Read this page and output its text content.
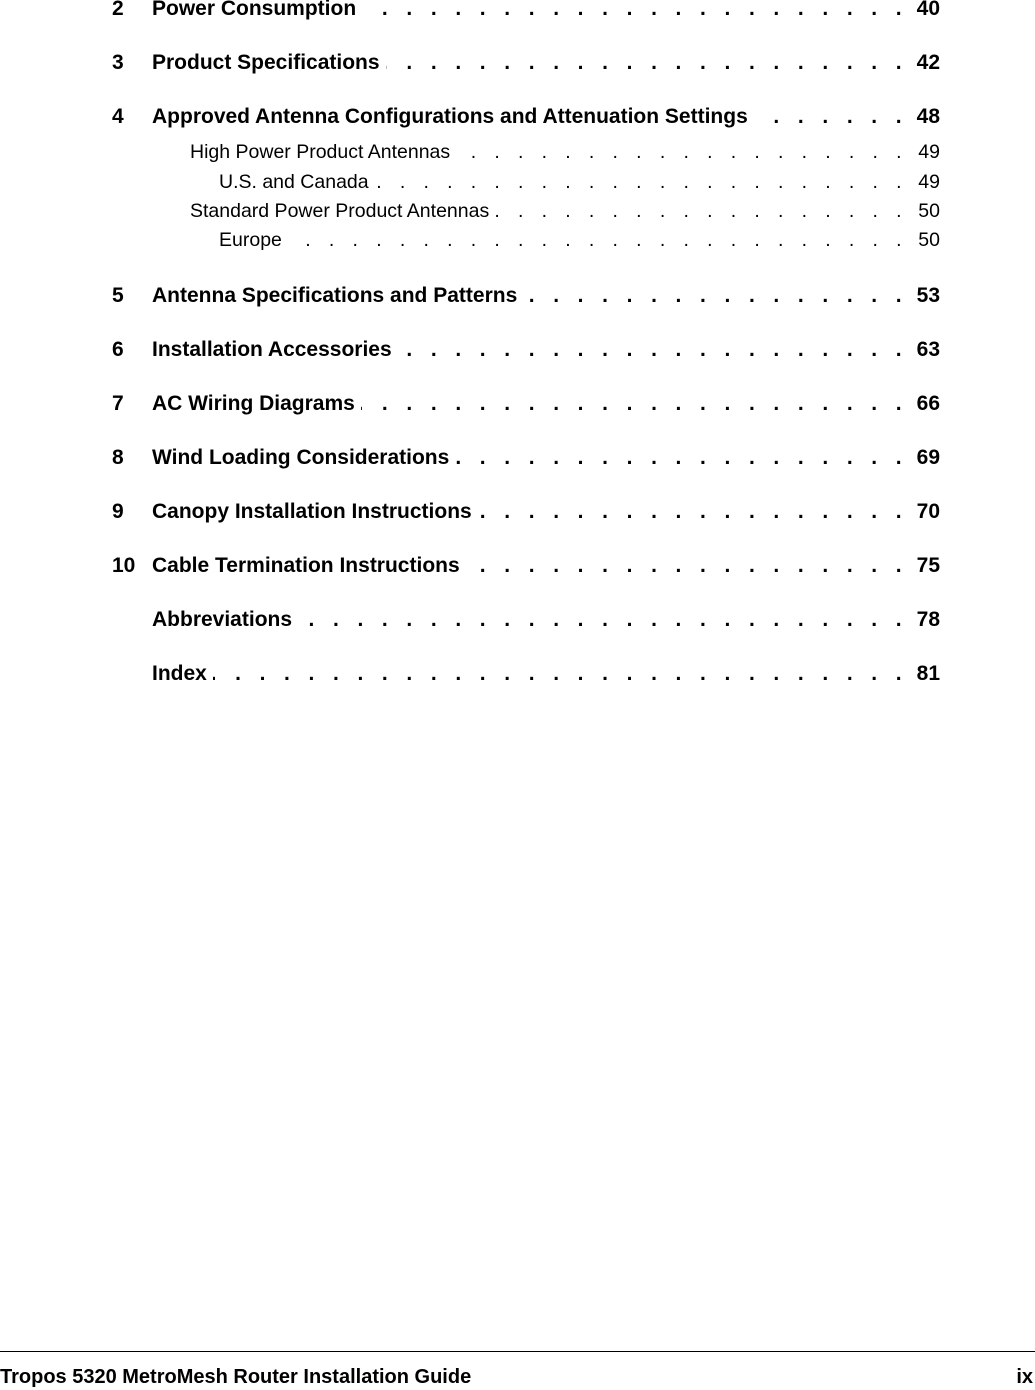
2	Power Consumption . . .	40
3	Product Specifications . . .	42
4	Approved Antenna Configurations and Attenuation Settings . . .	48
High Power Product Antennas . . .	49
U.S. and Canada . . .	49
Standard Power Product Antennas . . .	50
Europe . . .	50
5	Antenna Specifications and Patterns . . .	53
6	Installation Accessories . . .	63
7	AC Wiring Diagrams . . .	66
8	Wind Loading Considerations . . .	69
9	Canopy Installation Instructions . . .	70
10 Cable Termination Instructions . . .	75
Abbreviations . . .	78
Index . . .	81
Tropos 5320 MetroMesh Router Installation Guide	ix
